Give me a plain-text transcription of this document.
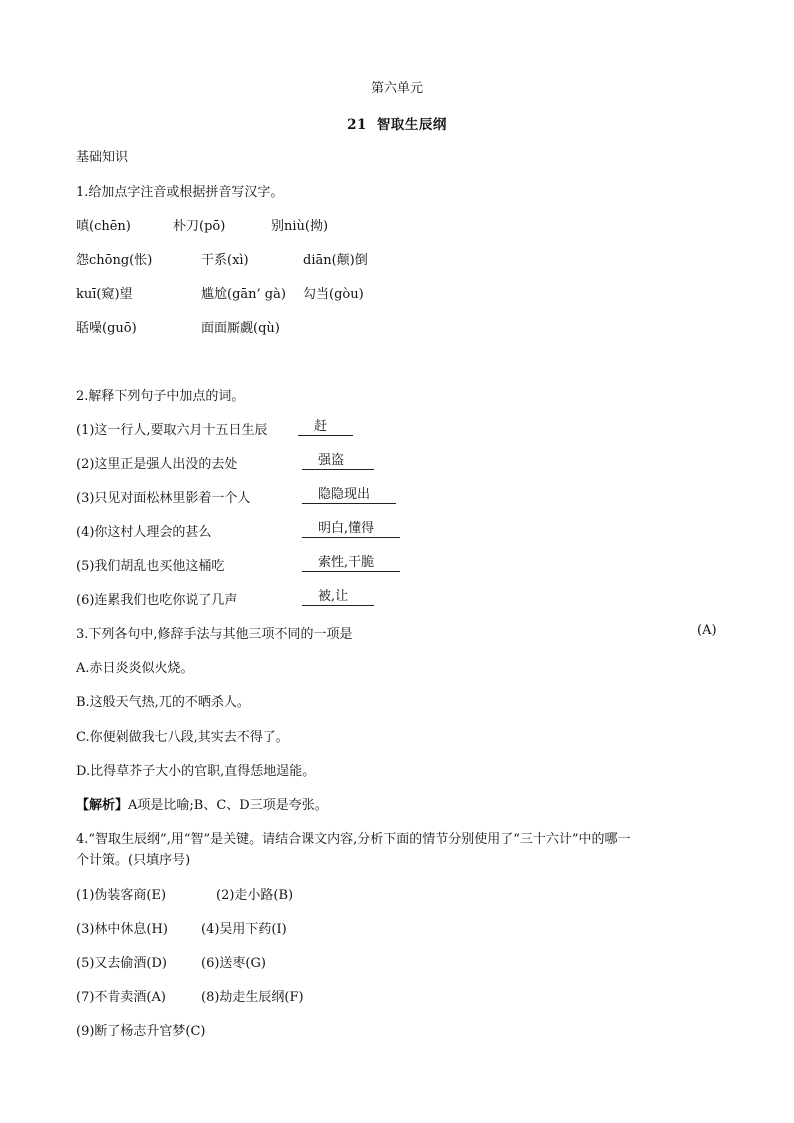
第六单元
21 智取生辰纲
基础知识
1.给加点字注音或根据拼音写汉字。
嗔(chēn)	朴刀(pō)	别niù(拗)
怨chōng(怅)	干系(xì)	diān(颠)倒
kuī(窥)望	尴尬(gān’ gà) 勾当(gòu)
聒噪(guō)	面面厮觑(qù)
2.解释下列句子中加点的词。
(1)这一行人,要取六月十五日生辰	赶
(2)这里正是强人出没的去处	强盗
(3)只见对面松林里影着一个人	隐隐现出
(4)你这村人理会的甚么	明白,懂得
(5)我们胡乱也买他这桶吃	索性,干脆
(6)连累我们也吃你说了几声	被,让
3.下列各句中,修辞手法与其他三项不同的一项是	(A)
A.赤日炎炎似火烧。
B.这般天气热,兀的不晒杀人。
C.你便剁做我七八段,其实去不得了。
D.比得草芥子大小的官职,直得恁地逞能。
【解析】A项是比喻;B、C、D三项是夸张。
4.“智取生辰纲”,用“智”是关键。请结合课文内容,分析下面的情节分别使用了“三十六计”中的哪一
个计策。(只填序号)
(1)伪装客商(E)	(2)走小路(B)
(3)林中休息(H)	(4)吴用下药(I)
(5)又去偷酒(D)	(6)送枣(G)
(7)不肯卖酒(A)	(8)劫走生辰纲(F)
(9)断了杨志升官梦(C)
